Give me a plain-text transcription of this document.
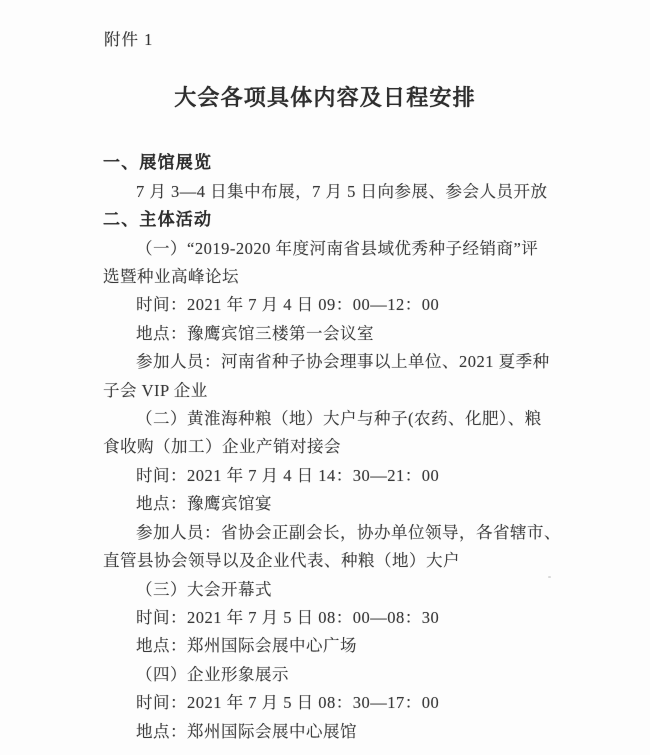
附件 1
大会各项具体内容及日程安排
一、展馆展览
7 月 3—4 日集中布展，7 月 5 日向参展、参会人员开放
二、主体活动
（一）“2019-2020 年度河南省县域优秀种子经销商”评
选暨种业高峰论坛
时间：2021 年 7 月 4 日 09：00—12：00
地点：豫鹰宾馆三楼第一会议室
参加人员：河南省种子协会理事以上单位、2021 夏季种
子会 VIP 企业
（二）黄淮海种粮（地）大户与种子(农药、化肥）、粮
食收购（加工）企业产销对接会
时间：2021 年 7 月 4 日 14：30—21：00
地点：豫鹰宾馆宴
参加人员：省协会正副会长，协办单位领导，各省辖市、
直管县协会领导以及企业代表、种粮（地）大户
（三）大会开幕式
时间：2021 年 7 月 5 日 08：00—08：30
地点：郑州国际会展中心广场
（四）企业形象展示
时间：2021 年 7 月 5 日 08：30—17：00
地点：郑州国际会展中心展馆
